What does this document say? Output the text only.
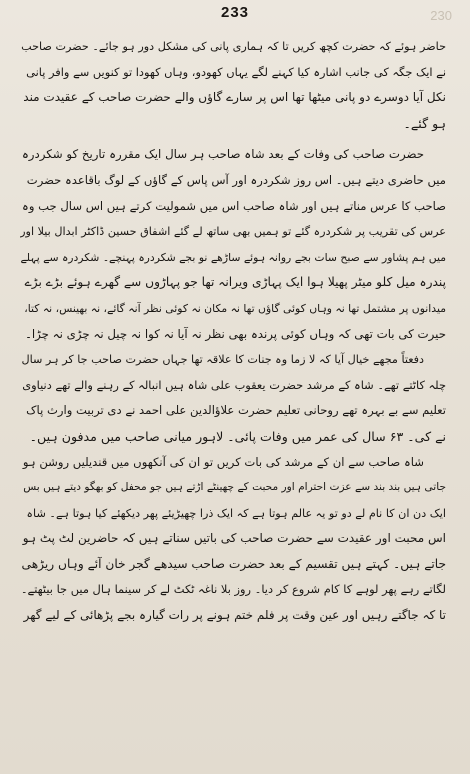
233	230
حاضر ہوئے کہ حضرت کچھ کریں تا کہ ہماری پانی کی مشکل دور ہو جائے۔ حضرت صاحب
نے ایک جگہ کی جانب اشارہ کیا کہنے لگے یہاں کھودو، وہاں کھودا تو کنویں سے وافر پانی
نکل آیا دوسرے دو پانی میٹھا تھا اس پر سارے گاؤں والے حضرت صاحب کے عقیدت مند
ہو گئے۔
حضرت صاحب کی وفات کے بعد شاہ صاحب ہر سال ایک مقررہ تاریخ کو شکردرہ
میں حاضری دیتے ہیں۔ اس روز شکردرہ اور آس پاس کے گاؤں کے لوگ باقاعدہ حضرت
صاحب کا عرس مناتے ہیں اور شاہ صاحب اس میں شمولیت کرتے ہیں اس سال جب وہ
عرس کی تقریب پر شکردرہ گئے تو ہمیں بھی ساتھ لے گئے اشفاق حسین ڈاکٹر ابدال بیلا اور
میں ہم پشاور سے صبح سات بجے روانہ ہوئے ساڑھے نو بجے شکردرہ پہنچے۔ شکردرہ سے پہلے
پندرہ میل کلو میٹر پھیلا ہوا ایک پہاڑی ویرانہ تھا جو پہاڑوں سے گھرے ہوئے بڑے بڑے
میدانوں پر مشتمل تھا نہ وہاں کوئی گاؤں تھا نہ مکان نہ کوئی نظر آنہ گائے، نہ بھینس، نہ کتا،
حیرت کی بات تھی کہ وہاں کوئی پرندہ بھی نظر نہ آیا نہ کوا نہ چیل نہ چڑی نہ چڑا۔
دفعتاً مجھے خیال آیا کہ لا زما وہ جنات کا علاقہ تھا جہاں حضرت صاحب جا کر ہر سال
چلہ کاٹتے تھے۔ شاہ کے مرشد حضرت یعقوب علی شاہ ہیں انبالہ کے رہنے والے تھے دنیاوی
تعلیم سے بے بہرہ تھے روحانی تعلیم حضرت علاؤالدین علی احمد نے دی تربیت وارث پاک
نے کی۔ ۶۳ سال کی عمر میں وفات پائی۔ لاہور میانی صاحب میں مدفون ہیں۔
شاہ صاحب سے ان کے مرشد کی بات کریں تو ان کی آنکھوں میں قندیلیں روشن ہو
جاتی ہیں بند بند سے عزت احترام اور محبت کے چھینٹے اڑتے ہیں جو محفل کو بھگو دیتے ہیں بس
ایک دن ان کا نام لے دو تو یہ عالم ہوتا ہے کہ ایک ذرا چھیڑیئے پھر دیکھئے کیا ہوتا ہے۔ شاہ
اس محبت اور عقیدت سے حضرت صاحب کی باتیں سناتے ہیں کہ حاضرین لٹ پٹ ہو
جاتے ہیں۔ کہتے ہیں تقسیم کے بعد حضرت صاحب سیدھے گجر خان آئے وہاں ریڑھی
لگاتے رہے پھر لوہے کا کام شروع کر دیا۔ روز بلا ناغہ ٹکٹ لے کر سینما ہال میں جا بیٹھتے۔
تا کہ جاگتے رہیں اور عین وقت پر فلم ختم ہونے پر رات گیارہ بجے پڑھائی کے لیے گھر
